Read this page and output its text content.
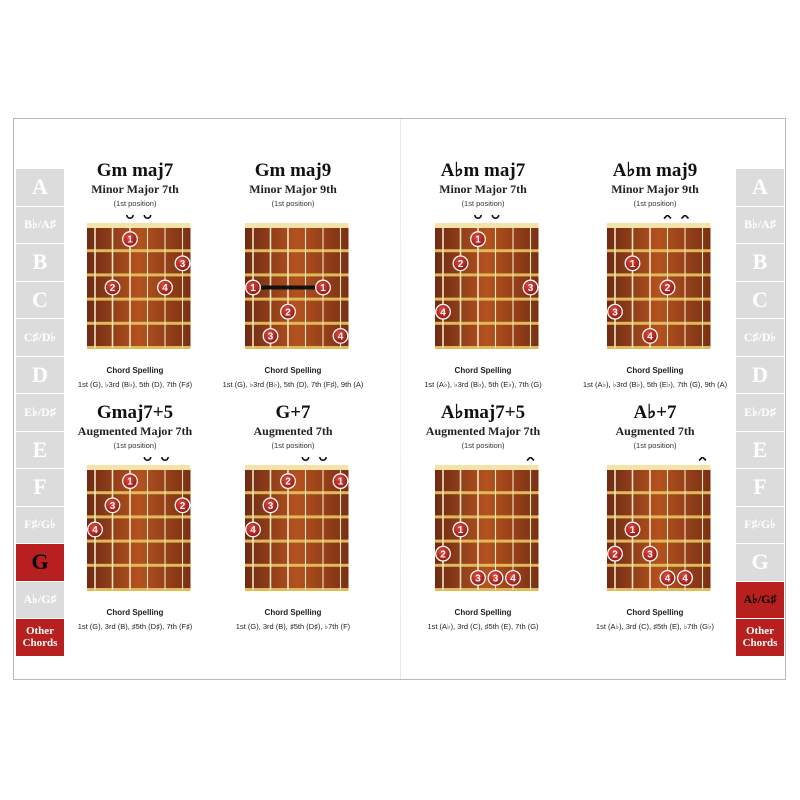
A
B♭/A♯
B
C
C♯/D♭
D
E♭/D♯
E
F
F♯/G♭
G
A♭/G♯
Other Chords
A
B♭/A♯
B
C
C♯/D♭
D
E♭/D♯
E
F
F♯/G♭
G
A♭/G♯
Other Chords
Gm maj7
Minor Major 7th
(1st position)
1
3
2	4
Chord Spelling
1st (G), ♭3rd (B♭), 5th (D), 7th (F♯)
Gm maj9
Minor Major 9th
(1st position)
1	1
2
3	4
Chord Spelling
1st (G), ♭3rd (B♭), 5th (D), 7th (F♯), 9th (A)
A♭m maj7
Minor Major 7th
(1st position)
1
2
3
4
Chord Spelling
1st (A♭), ♭3rd (B♭), 5th (E♭), 7th (G)
A♭m maj9
Minor Major 9th
(1st position)
1
2
3
4
Chord Spelling
1st (A♭), ♭3rd (B♭), 5th (E♭), 7th (G), 9th (A)
Gmaj7+5
Augmented Major 7th
(1st position)
1
3	2
4
Chord Spelling
1st (G), 3rd (B), ♯5th (D♯), 7th (F♯)
G+7
Augmented 7th
(1st position)
2	1
3
4
Chord Spelling
1st (G), 3rd (B), ♯5th (D♯), ♭7th (F)
A♭maj7+5
Augmented Major 7th
(1st position)
1
2
3 3 4
Chord Spelling
1st (A♭), 3rd (C), ♯5th (E), 7th (G)
A♭+7
Augmented 7th
(1st position)
1
2	3
4 4
Chord Spelling
1st (A♭), 3rd (C), ♯5th (E), ♭7th (G♭)
